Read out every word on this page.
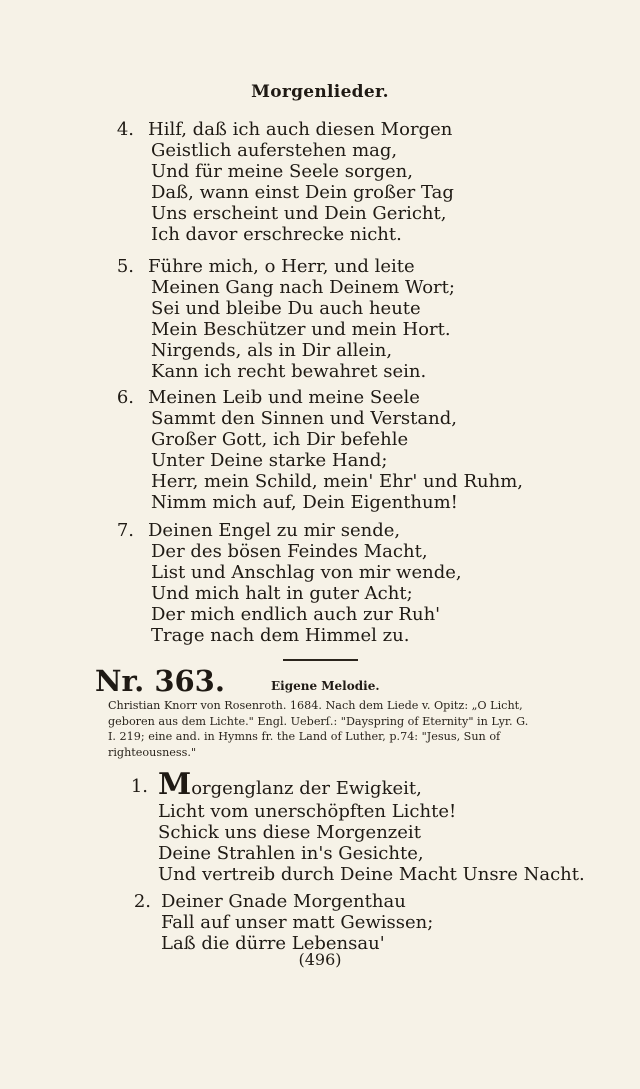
Morgenlieder.
4. Hilf, daß ich auch diesen Morgen
Geistlich auferstehen mag,
Und für meine Seele sorgen,
Daß, wann einst Dein großer Tag
Uns erscheint und Dein Gericht,
Ich davor erschrecke nicht.
5. Führe mich, o Herr, und leite
Meinen Gang nach Deinem Wort;
Sei und bleibe Du auch heute
Mein Beschützer und mein Hort.
Nirgends, als in Dir allein,
Kann ich recht bewahret sein.
6. Meinen Leib und meine Seele
Sammt den Sinnen und Verstand,
Großer Gott, ich Dir befehle
Unter Deine starke Hand;
Herr, mein Schild, mein' Ehr' und Ruhm,
Nimm mich auf, Dein Eigenthum!
7. Deinen Engel zu mir sende,
Der des bösen Feindes Macht,
List und Anschlag von mir wende,
Und mich halt in guter Acht;
Der mich endlich auch zur Ruh'
Trage nach dem Himmel zu.
Nr. 363.	Eigene Melodie.
Christian Knorr von Rosenroth. 1684. Nach dem Liede v. Opitz: „O Licht,
geboren aus dem Lichte." Engl. Ueberſ.: "Dayspring of Eternity" in Lyr. G.
I. 219; eine and. in Hymns fr. the Land of Luther, p.74: "Jesus, Sun of
righteousness."
1. Morgenglanz der Ewigkeit,
Licht vom unerschöpften Lichte!
Schick uns diese Morgenzeit
Deine Strahlen in's Gesichte,
Und vertreib durch Deine Macht Unsre Nacht.
2. Deiner Gnade Morgenthau
Fall auf unser matt Gewissen;
Laß die dürre Lebensau'
(496)
